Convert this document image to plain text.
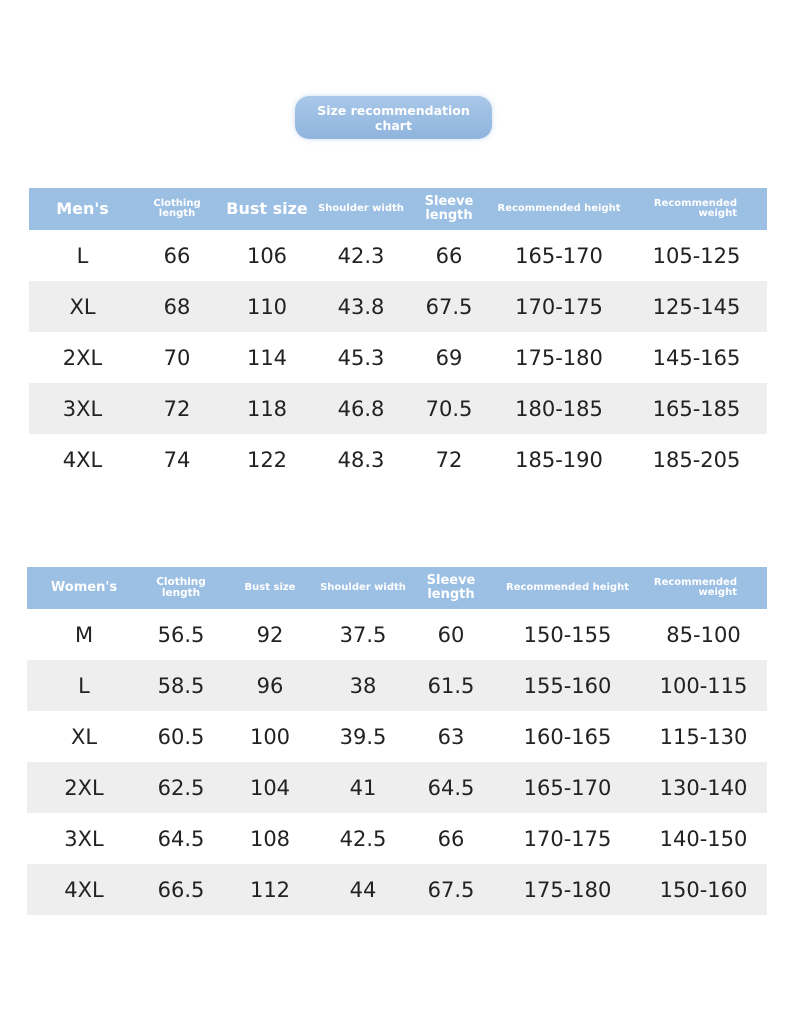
Size recommendation chart
Men's	Clothing length	Bust size	Shoulder width	Sleeve length	Recommended height	Recommended weight
L	66	106	42.3	66	165-170	105-125
XL	68	110	43.8	67.5	170-175	125-145
2XL	70	114	45.3	69	175-180	145-165
3XL	72	118	46.8	70.5	180-185	165-185
4XL	74	122	48.3	72	185-190	185-205
Women's	Clothing length	Bust size	Shoulder width	Sleeve length	Recommended height	Recommended weight
M	56.5	92	37.5	60	150-155	85-100
L	58.5	96	38	61.5	155-160	100-115
XL	60.5	100	39.5	63	160-165	115-130
2XL	62.5	104	41	64.5	165-170	130-140
3XL	64.5	108	42.5	66	170-175	140-150
4XL	66.5	112	44	67.5	175-180	150-160
